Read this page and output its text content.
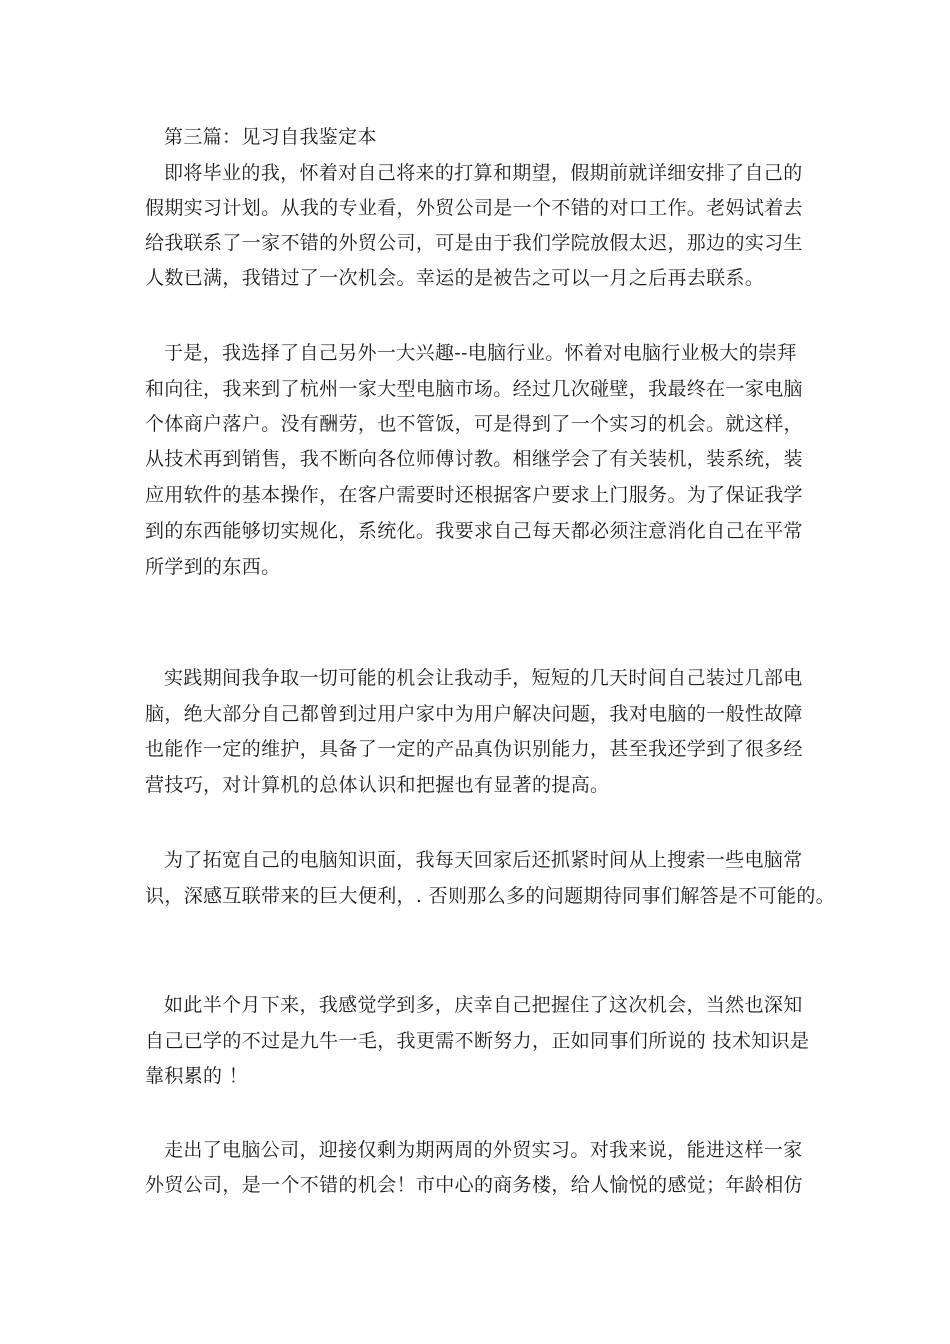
第三篇：见习自我鉴定本
即将毕业的我，怀着对自己将来的打算和期望，假期前就详细安排了自己的
假期实习计划。从我的专业看，外贸公司是一个不错的对口工作。老妈试着去
给我联系了一家不错的外贸公司，可是由于我们学院放假太迟，那边的实习生
人数已满，我错过了一次机会。幸运的是被告之可以一月之后再去联系。
于是，我选择了自己另外一大兴趣--电脑行业。怀着对电脑行业极大的崇拜
和向往，我来到了杭州一家大型电脑市场。经过几次碰壁，我最终在一家电脑
个体商户落户。没有酬劳，也不管饭，可是得到了一个实习的机会。就这样，
从技术再到销售，我不断向各位师傅讨教。相继学会了有关装机，装系统，装
应用软件的基本操作，在客户需要时还根据客户要求上门服务。为了保证我学
到的东西能够切实规化，系统化。我要求自己每天都必须注意消化自己在平常
所学到的东西。
实践期间我争取一切可能的机会让我动手，短短的几天时间自己装过几部电
脑，绝大部分自己都曾到过用户家中为用户解决问题，我对电脑的一般性故障
也能作一定的维护，具备了一定的产品真伪识别能力，甚至我还学到了很多经
营技巧，对计算机的总体认识和把握也有显著的提高。
为了拓宽自己的电脑知识面，我每天回家后还抓紧时间从上搜索一些电脑常
识，深感互联带来的巨大便利，. 否则那么多的问题期待同事们解答是不可能的。
如此半个月下来，我感觉学到多，庆幸自己把握住了这次机会，当然也深知
自己已学的不过是九牛一毛，我更需不断努力，正如同事们所说的 技术知识是
靠积累的 ！
走出了电脑公司，迎接仅剩为期两周的外贸实习。对我来说，能进这样一家
外贸公司，是一个不错的机会！市中心的商务楼，给人愉悦的感觉；年龄相仿
